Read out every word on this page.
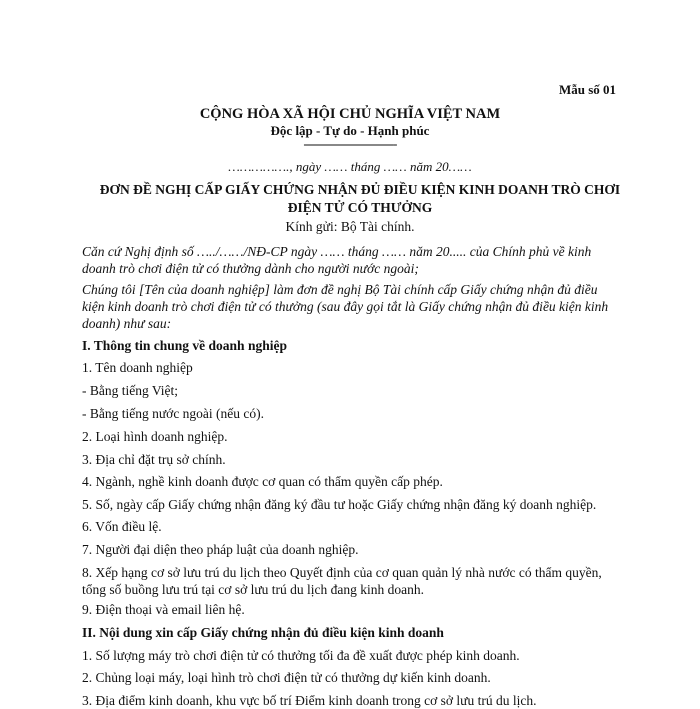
Mẫu số 01
CỘNG HÒA XÃ HỘI CHỦ NGHĨA VIỆT NAM
Độc lập - Tự do - Hạnh phúc
-------------------------------
……………., ngày …… tháng …… năm 20……
ĐƠN ĐỀ NGHỊ CẤP GIẤY CHỨNG NHẬN ĐỦ ĐIỀU KIỆN KINH DOANH TRÒ CHƠI ĐIỆN TỬ CÓ THƯỞNG
Kính gửi: Bộ Tài chính.
Căn cứ Nghị định số …../……/NĐ-CP ngày …… tháng …… năm 20..... của Chính phủ về kinh doanh trò chơi điện tử có thưởng dành cho người nước ngoài;
Chúng tôi [Tên của doanh nghiệp] làm đơn đề nghị Bộ Tài chính cấp Giấy chứng nhận đủ điều kiện kinh doanh trò chơi điện tử có thưởng (sau đây gọi tắt là Giấy chứng nhận đủ điều kiện kinh doanh) như sau:
I. Thông tin chung về doanh nghiệp
1. Tên doanh nghiệp
- Bằng tiếng Việt;
- Bằng tiếng nước ngoài (nếu có).
2. Loại hình doanh nghiệp.
3. Địa chỉ đặt trụ sở chính.
4. Ngành, nghề kinh doanh được cơ quan có thẩm quyền cấp phép.
5. Số, ngày cấp Giấy chứng nhận đăng ký đầu tư hoặc Giấy chứng nhận đăng ký doanh nghiệp.
6. Vốn điều lệ.
7. Người đại diện theo pháp luật của doanh nghiệp.
8. Xếp hạng cơ sở lưu trú du lịch theo Quyết định của cơ quan quản lý nhà nước có thẩm quyền, tổng số buồng lưu trú tại cơ sở lưu trú du lịch đang kinh doanh.
9. Điện thoại và email liên hệ.
II. Nội dung xin cấp Giấy chứng nhận đủ điều kiện kinh doanh
1. Số lượng máy trò chơi điện tử có thưởng tối đa đề xuất được phép kinh doanh.
2. Chủng loại máy, loại hình trò chơi điện tử có thưởng dự kiến kinh doanh.
3. Địa điểm kinh doanh, khu vực bố trí Điểm kinh doanh trong cơ sở lưu trú du lịch.
